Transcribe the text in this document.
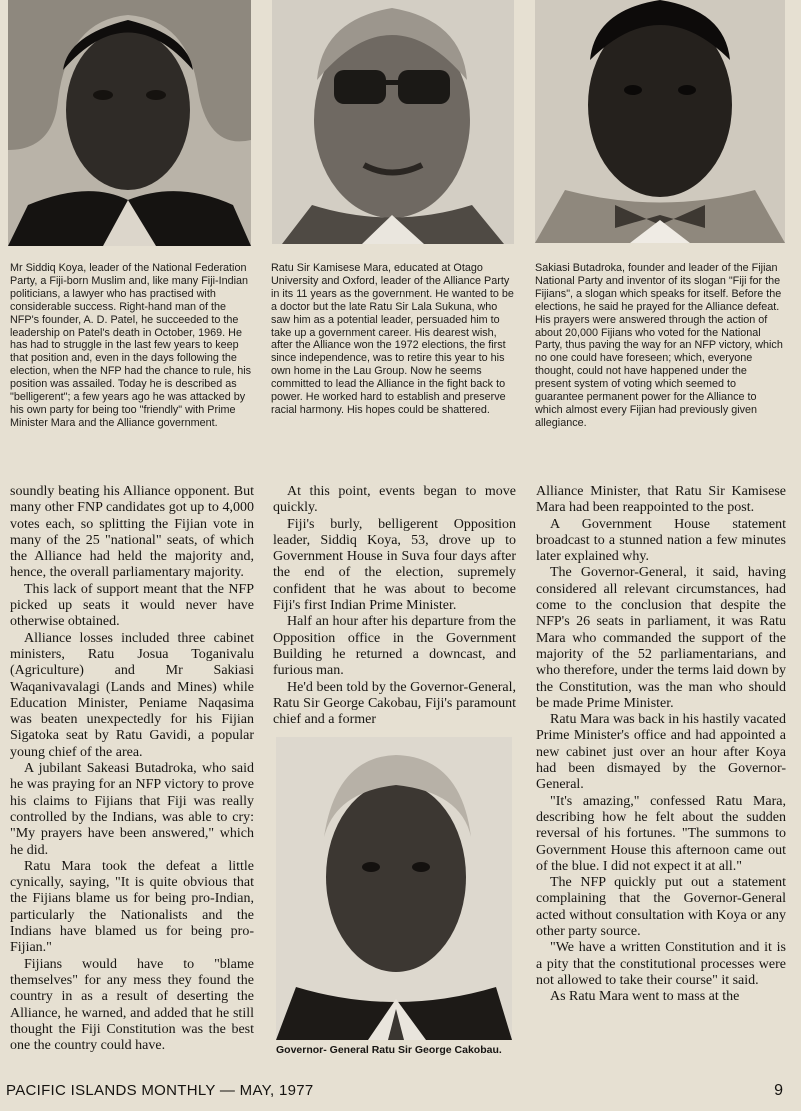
Mr Siddiq Koya, leader of the National Federation Party, a Fiji-born Muslim and, like many Fiji-Indian politicians, a lawyer who has practised with considerable success. Right-hand man of the NFP's founder, A. D. Patel, he succeeded to the leadership on Patel's death in October, 1969. He has had to struggle in the last few years to keep that position and, even in the days following the election, when the NFP had the chance to rule, his position was assailed. Today he is described as "belligerent"; a few years ago he was attacked by his own party for being too "friendly" with Prime Minister Mara and the Alliance government.

Ratu Sir Kamisese Mara, educated at Otago University and Oxford, leader of the Alliance Party in its 11 years as the government. He wanted to be a doctor but the late Ratu Sir Lala Sukuna, who saw him as a potential leader, persuaded him to take up a government career. His dearest wish, after the Alliance won the 1972 elections, the first since independence, was to retire this year to his own home in the Lau Group. Now he seems committed to lead the Alliance in the fight back to power. He worked hard to establish and preserve racial harmony. His hopes could be shattered.

Sakiasi Butadroka, founder and leader of the Fijian National Party and inventor of its slogan "Fiji for the Fijians", a slogan which speaks for itself. Before the elections, he said he prayed for the Alliance defeat. His prayers were answered through the action of about 20,000 Fijians who voted for the National Party, thus paving the way for an NFP victory, which no one could have foreseen; which, everyone thought, could not have happened under the present system of voting which seemed to guarantee permanent power for the Alliance to which almost every Fijian had previously given allegiance.

soundly beating his Alliance opponent. But many other FNP candidates got up to 4,000 votes each, so splitting the Fijian vote in many of the 25 "national" seats, of which the Alliance had held the majority and, hence, the overall parliamentary majority.

This lack of support meant that the NFP picked up seats it would never have otherwise obtained.

Alliance losses included three cabinet ministers, Ratu Josua Toganivalu (Agriculture) and Mr Sakiasi Waqanivavalagi (Lands and Mines) while Education Minister, Peniame Naqasima was beaten unexpectedly for his Fijian Sigatoka seat by Ratu Gavidi, a popular young chief of the area.

A jubilant Sakeasi Butadroka, who said he was praying for an NFP victory to prove his claims to Fijians that Fiji was really controlled by the Indians, was able to cry: "My prayers have been answered," which he did.

Ratu Mara took the defeat a little cynically, saying, "It is quite obvious that the Fijians blame us for being pro-Indian, particularly the Nationalists and the Indians have blamed us for being pro-Fijian."

Fijians would have to "blame themselves" for any mess they found the country in as a result of deserting the Alliance, he warned, and added that he still thought the Fiji Constitution was the best one the country could have.

At this point, events began to move quickly.

Fiji's burly, belligerent Opposition leader, Siddiq Koya, 53, drove up to Government House in Suva four days after the end of the election, supremely confident that he was about to become Fiji's first Indian Prime Minister.

Half an hour after his departure from the Opposition office in the Government Building he returned a downcast, and furious man.

He'd been told by the Governor-General, Ratu Sir George Cakobau, Fiji's paramount chief and a former

Governor- General Ratu Sir George Cakobau.

Alliance Minister, that Ratu Sir Kamisese Mara had been reappointed to the post.

A Government House statement broadcast to a stunned nation a few minutes later explained why.

The Governor-General, it said, having considered all relevant circumstances, had come to the conclusion that despite the NFP's 26 seats in parliament, it was Ratu Mara who commanded the support of the majority of the 52 parliamentarians, and who therefore, under the terms laid down by the Constitution, was the man who should be made Prime Minister.

Ratu Mara was back in his hastily vacated Prime Minister's office and had appointed a new cabinet just over an hour after Koya had been dismayed by the Governor-General.

"It's amazing," confessed Ratu Mara, describing how he felt about the sudden reversal of his fortunes. "The summons to Government House this afternoon came out of the blue. I did not expect it at all."

The NFP quickly put out a statement complaining that the Governor-General acted without consultation with Koya or any other party source.

"We have a written Constitution and it is a pity that the constitutional processes were not allowed to take their course" it said.

As Ratu Mara went to mass at the

PACIFIC ISLANDS MONTHLY — MAY, 1977	9
